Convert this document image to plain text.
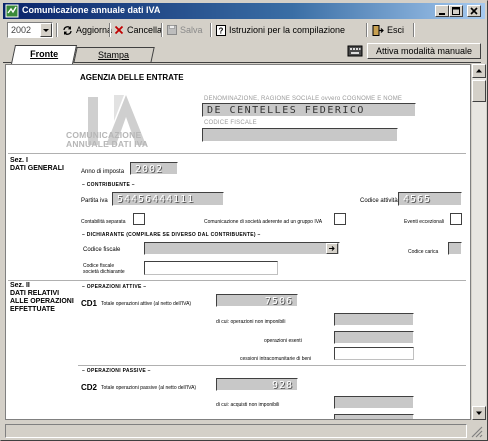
Comunicazione annuale dati IVA
2002	Aggiorna Cancella Salva ? Istruzioni per la compilazione	Esci
Stampa
Fronte	Attiva modalità manuale
AGENZIA DELLE ENTRATE
COMUNICAZIONE
ANNUALE DATI IVA
DENOMINAZIONE, RAGIONE SOCIALE ovvero COGNOME E NOME
DE CENTELLES FEDERICO
CODICE FISCALE
Sez. I
DATI GENERALI	Anno di imposta 2002
– CONTRIBUENTE –
Partita iva 54456444111	Codice attività 4565
Contabilità separata	Comunicazione di società aderente ad un gruppo IVA	Eventi eccezionali
– DICHIARANTE (COMPILARE SE DIVERSO DAL CONTRIBUENTE) –
Codice fiscale	Codice carica
Codice fiscale
società dichiarante
Sez. II
DATI RELATIVI
ALLE OPERAZIONI
EFFETTUATE
– OPERAZIONI ATTIVE –
CD1 Totale operazioni attive (al netto dell'IVA)	7506
di cui: operazioni non imponibili
operazioni esenti
cessioni intracomunitarie di beni
– OPERAZIONI PASSIVE –
CD2 Totale operazioni passive (al netto dell'IVA)	928
di cui: acquisti non imponibili
